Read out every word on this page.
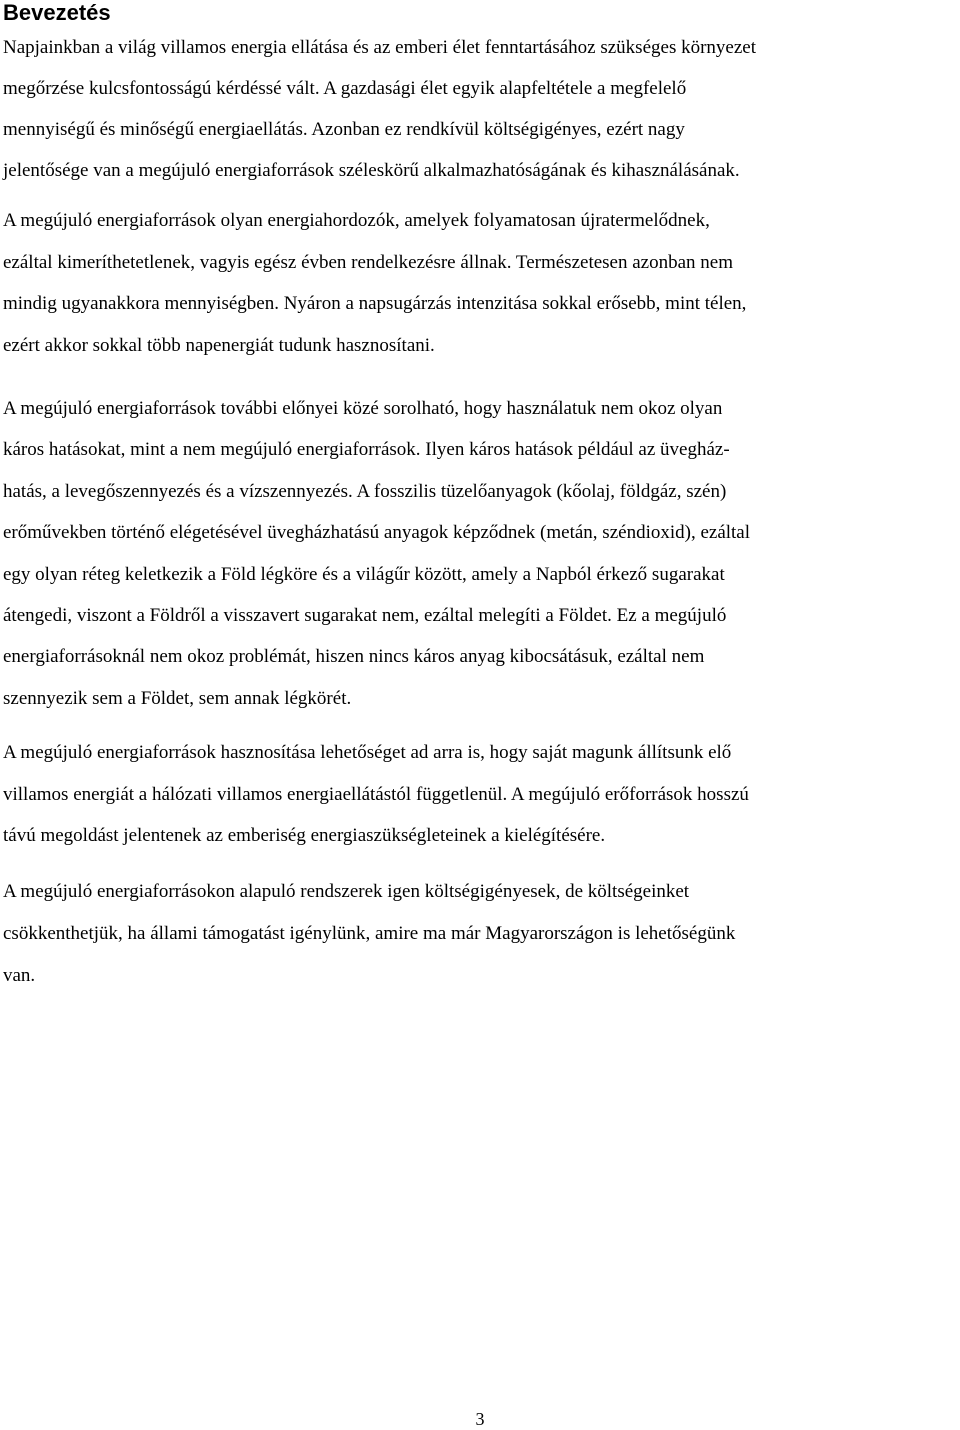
Bevezetés

Napjainkban a világ villamos energia ellátása és az emberi élet fenntartásához szükséges környezet
megőrzése kulcsfontosságú kérdéssé vált. A gazdasági élet egyik alapfeltétele a megfelelő
mennyiségű és minőségű energiaellátás. Azonban ez rendkívül költségigényes, ezért nagy
jelentősége van a megújuló energiaforrások széleskörű alkalmazhatóságának és kihasználásának.

A megújuló energiaforrások olyan energiahordozók, amelyek folyamatosan újratermelődnek,
ezáltal kimeríthetetlenek, vagyis egész évben rendelkezésre állnak. Természetesen azonban nem
mindig ugyanakkora mennyiségben. Nyáron a napsugárzás intenzitása sokkal erősebb, mint télen,
ezért akkor sokkal több napenergiát tudunk hasznosítani.

A megújuló energiaforrások további előnyei közé sorolható, hogy használatuk nem okoz olyan
káros hatásokat, mint a nem megújuló energiaforrások. Ilyen káros hatások például az üvegház-
hatás, a levegőszennyezés és a vízszennyezés. A fosszilis tüzelőanyagok (kőolaj, földgáz, szén)
erőművekben történő elégetésével üvegházhatású anyagok képződnek (metán, széndioxid), ezáltal
egy olyan réteg keletkezik a Föld légköre és a világűr között, amely a Napból érkező sugarakat
átengedi, viszont a Földről a visszavert sugarakat nem, ezáltal melegíti a Földet. Ez a megújuló
energiaforrásoknál nem okoz problémát, hiszen nincs káros anyag kibocsátásuk, ezáltal nem
szennyezik sem a Földet, sem annak légkörét.

A megújuló energiaforrások hasznosítása lehetőséget ad arra is, hogy saját magunk állítsunk elő
villamos energiát a hálózati villamos energiaellátástól függetlenül. A megújuló erőforrások hosszú
távú megoldást jelentenek az emberiség energiaszükségleteinek a kielégítésére.

A megújuló energiaforrásokon alapuló rendszerek igen költségigényesek, de költségeinket
csökkenthetjük, ha állami támogatást igénylünk, amire ma már Magyarországon is lehetőségünk
van.

3
